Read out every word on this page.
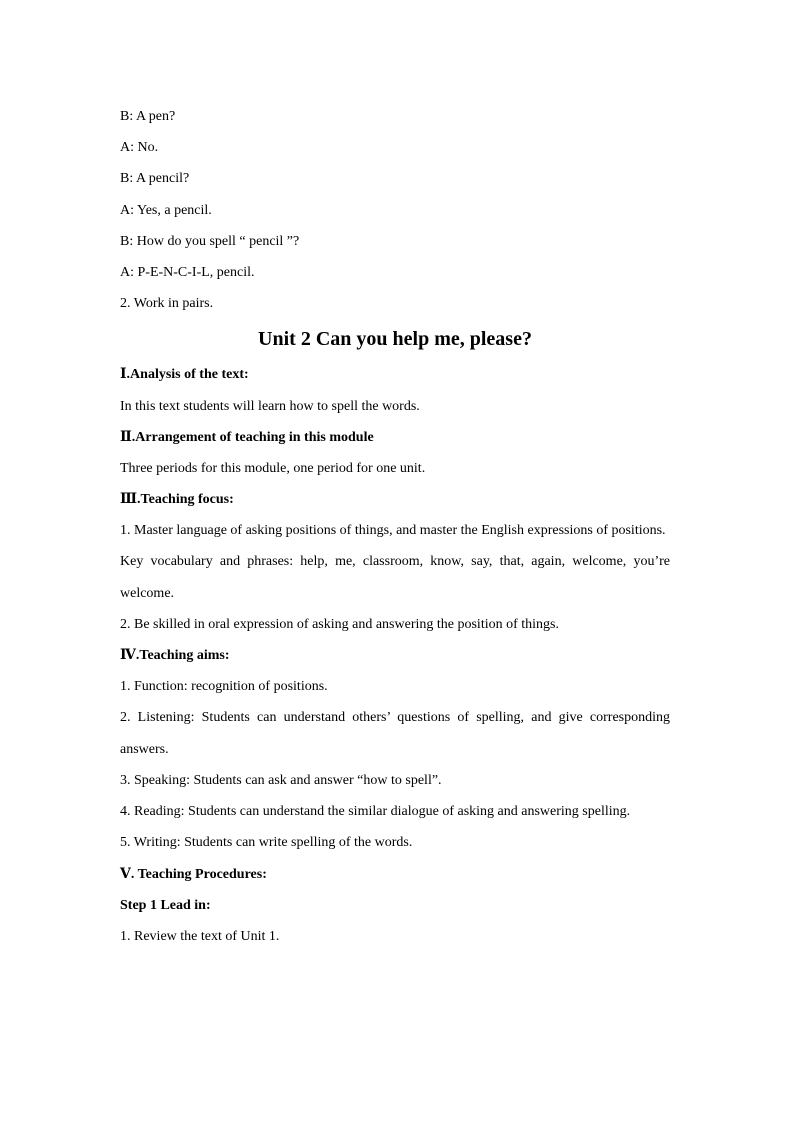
B: A pen?
A: No.
B: A pencil?
A: Yes, a pencil.
B: How do you spell “ pencil ”?
A: P-E-N-C-I-L, pencil.
2. Work in pairs.
Unit 2 Can you help me, please?
Ⅰ.Analysis of the text:
In this text students will learn how to spell the words.
Ⅱ.Arrangement of teaching in this module
Three periods for this module, one period for one unit.
Ⅲ.Teaching focus:
1. Master language of asking positions of things, and master the English expressions of positions.
Key vocabulary and phrases: help, me, classroom, know, say, that, again, welcome, you’re welcome.
2. Be skilled in oral expression of asking and answering the position of things.
Ⅳ.Teaching aims:
1. Function: recognition of positions.
2. Listening: Students can understand others’ questions of spelling, and give corresponding answers.
3. Speaking: Students can ask and answer “how to spell”.
4. Reading: Students can understand the similar dialogue of asking and answering spelling.
5. Writing: Students can write spelling of the words.
Ⅴ. Teaching Procedures:
Step 1 Lead in:
1. Review the text of Unit 1.
